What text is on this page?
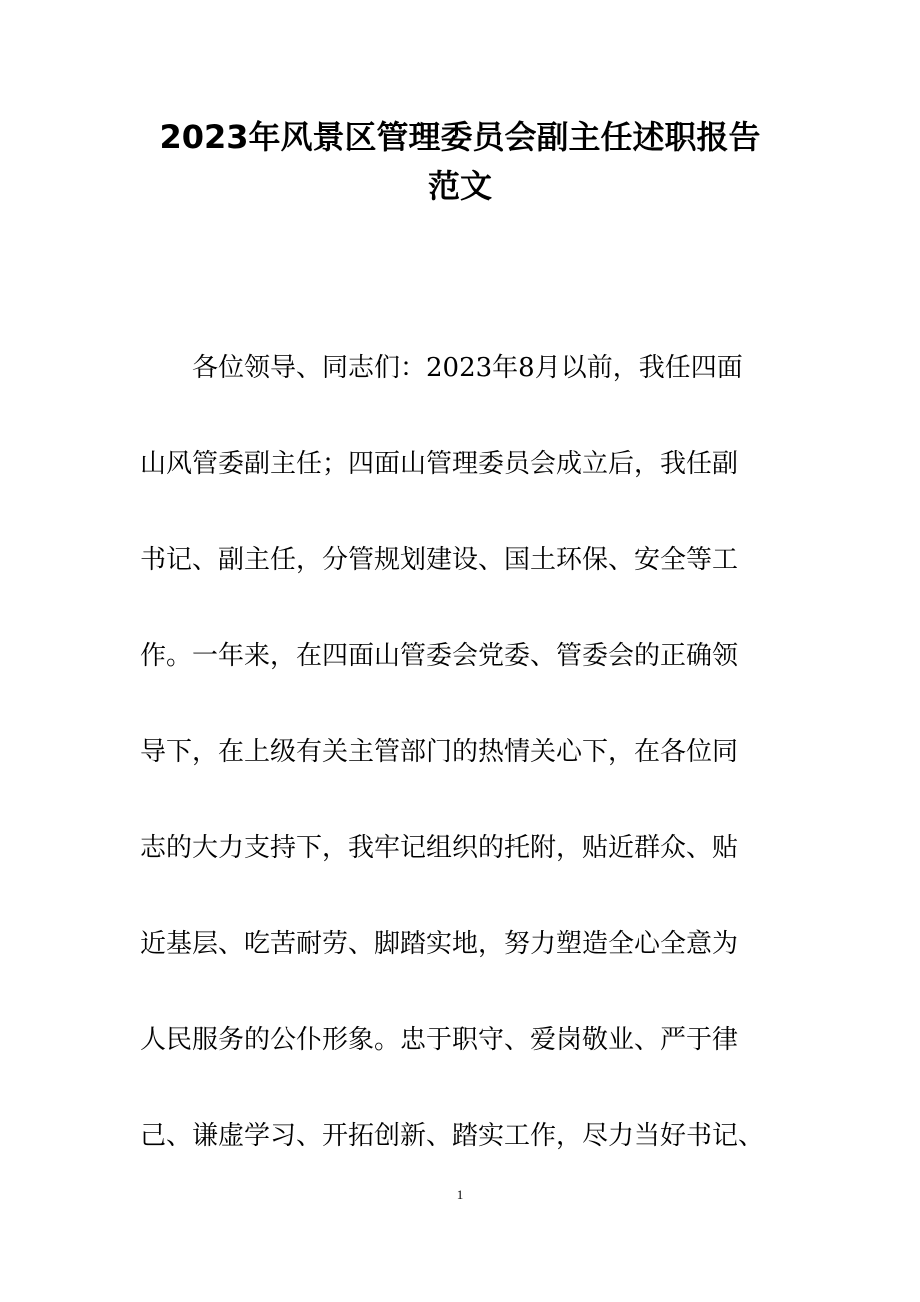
2023年风景区管理委员会副主任述职报告
范文
各位领导、同志们：2023年8月以前，我任四面
山风管委副主任；四面山管理委员会成立后，我任副
书记、副主任，分管规划建设、国土环保、安全等工
作。一年来，在四面山管委会党委、管委会的正确领
导下，在上级有关主管部门的热情关心下，在各位同
志的大力支持下，我牢记组织的托附，贴近群众、贴
近基层、吃苦耐劳、脚踏实地，努力塑造全心全意为
人民服务的公仆形象。忠于职守、爱岗敬业、严于律
己、谦虚学习、开拓创新、踏实工作，尽力当好书记、
1
